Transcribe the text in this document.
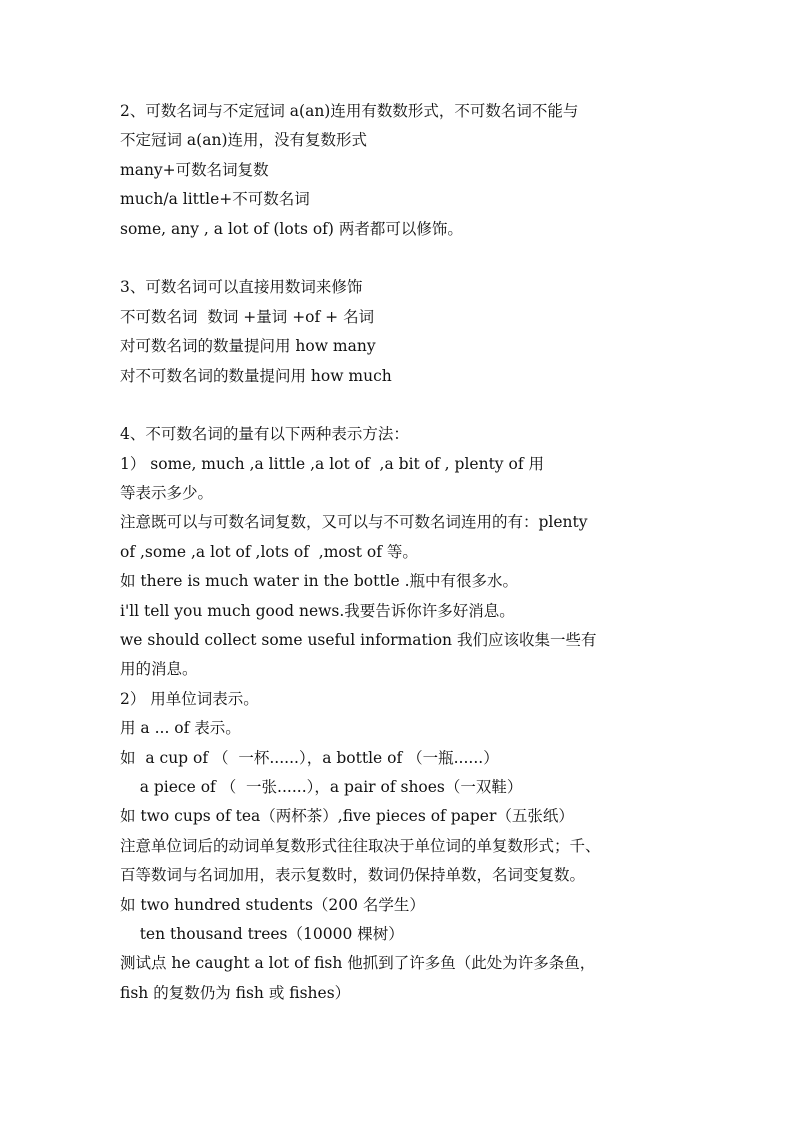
2、可数名词与不定冠词 a(an)连用有数数形式，不可数名词不能与
不定冠词 a(an)连用，没有复数形式
many+可数名词复数
much/a little+不可数名词
some, any , a lot of (lots of) 两者都可以修饰。
3、可数名词可以直接用数词来修饰
不可数名词  数词 +量词 +of + 名词
对可数名词的数量提问用 how many
对不可数名词的数量提问用 how much
4、不可数名词的量有以下两种表示方法：
1） some, much ,a little ,a lot of  ,a bit of , plenty of 用
等表示多少。
注意既可以与可数名词复数，又可以与不可数名词连用的有：plenty
of ,some ,a lot of ,lots of  ,most of 等。
如 there is much water in the bottle .瓶中有很多水。
i'll tell you much good news.我要告诉你许多好消息。
we should collect some useful information 我们应该收集一些有
用的消息。
2） 用单位词表示。
用 a ... of 表示。
如  a cup of （  一杯......），a bottle of （一瓶......）
a piece of （  一张......），a pair of shoes（一双鞋）
如 two cups of tea（两杯茶）,five pieces of paper（五张纸）
注意单位词后的动词单复数形式往往取决于单位词的单复数形式；千、
百等数词与名词加用，表示复数时，数词仍保持单数，名词变复数。
如 two hundred students（200 名学生）
ten thousand trees（10000 棵树）
测试点 he caught a lot of fish 他抓到了许多鱼（此处为许多条鱼，
fish 的复数仍为 fish 或 fishes）
